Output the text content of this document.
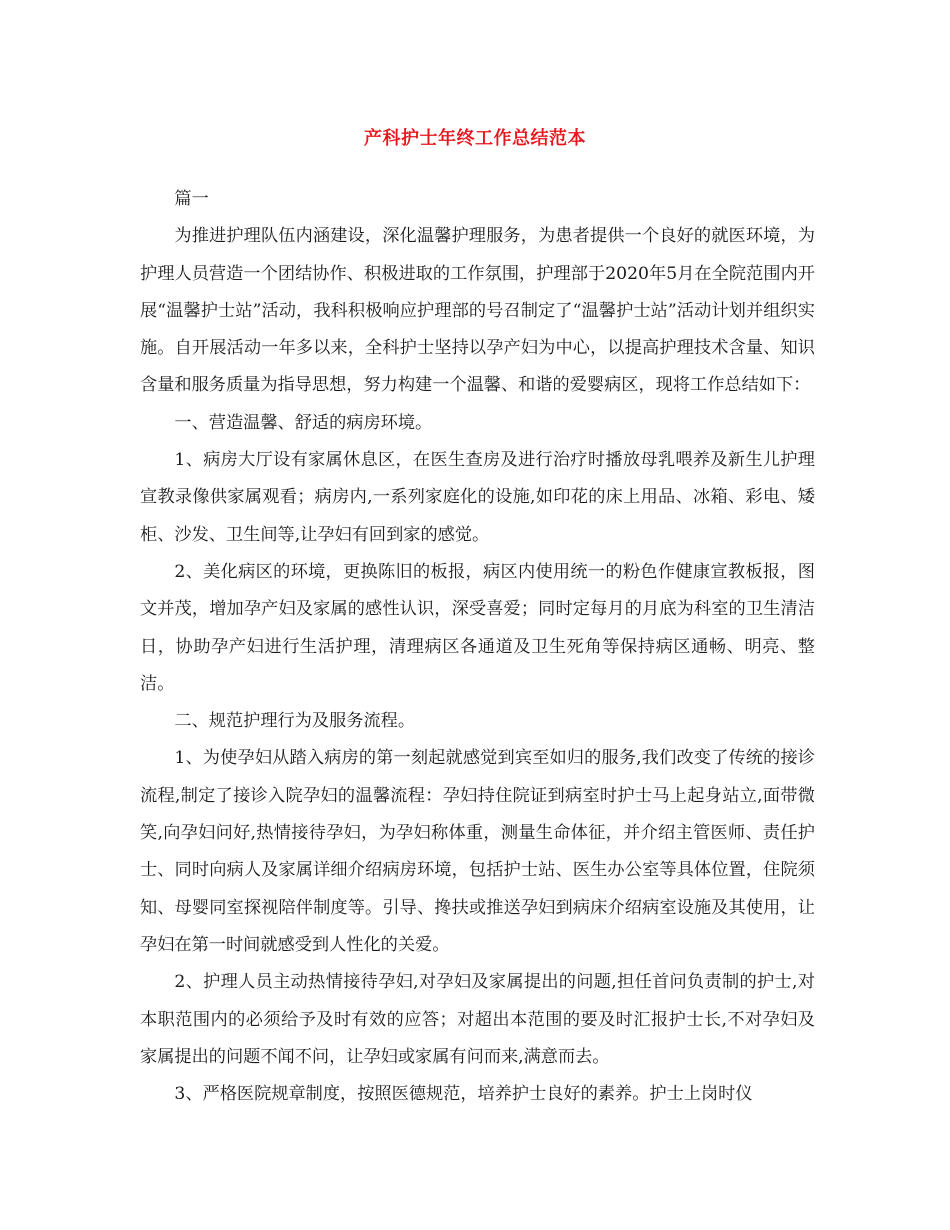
产科护士年终工作总结范本

篇一

为推进护理队伍内涵建设，深化温馨护理服务，为患者提供一个良好的就医环境，为护理人员营造一个团结协作、积极进取的工作氛围，护理部于2020年5月在全院范围内开展“温馨护士站”活动，我科积极响应护理部的号召制定了“温馨护士站”活动计划并组织实施。自开展活动一年多以来，全科护士坚持以孕产妇为中心，以提高护理技术含量、知识含量和服务质量为指导思想，努力构建一个温馨、和谐的爱婴病区，现将工作总结如下：

一、营造温馨、舒适的病房环境。

1、病房大厅设有家属休息区，在医生查房及进行治疗时播放母乳喂养及新生儿护理宣教录像供家属观看；病房内,一系列家庭化的设施,如印花的床上用品、冰箱、彩电、矮柜、沙发、卫生间等,让孕妇有回到家的感觉。

2、美化病区的环境，更换陈旧的板报，病区内使用统一的粉色作健康宣教板报，图文并茂，增加孕产妇及家属的感性认识，深受喜爱；同时定每月的月底为科室的卫生清洁日，协助孕产妇进行生活护理，清理病区各通道及卫生死角等保持病区通畅、明亮、整洁。

二、规范护理行为及服务流程。

1、为使孕妇从踏入病房的第一刻起就感觉到宾至如归的服务,我们改变了传统的接诊流程,制定了接诊入院孕妇的温馨流程：孕妇持住院证到病室时护士马上起身站立,面带微笑,向孕妇问好,热情接待孕妇，为孕妇称体重，测量生命体征，并介绍主管医师、责任护士、同时向病人及家属详细介绍病房环境，包括护士站、医生办公室等具体位置，住院须知、母婴同室探视陪伴制度等。引导、搀扶或推送孕妇到病床介绍病室设施及其使用，让孕妇在第一时间就感受到人性化的关爱。

2、护理人员主动热情接待孕妇,对孕妇及家属提出的问题,担任首问负责制的护士,对本职范围内的必须给予及时有效的应答；对超出本范围的要及时汇报护士长,不对孕妇及家属提出的问题不闻不问，让孕妇或家属有问而来,满意而去。

3、严格医院规章制度，按照医德规范，培养护士良好的素养。护士上岗时仪
